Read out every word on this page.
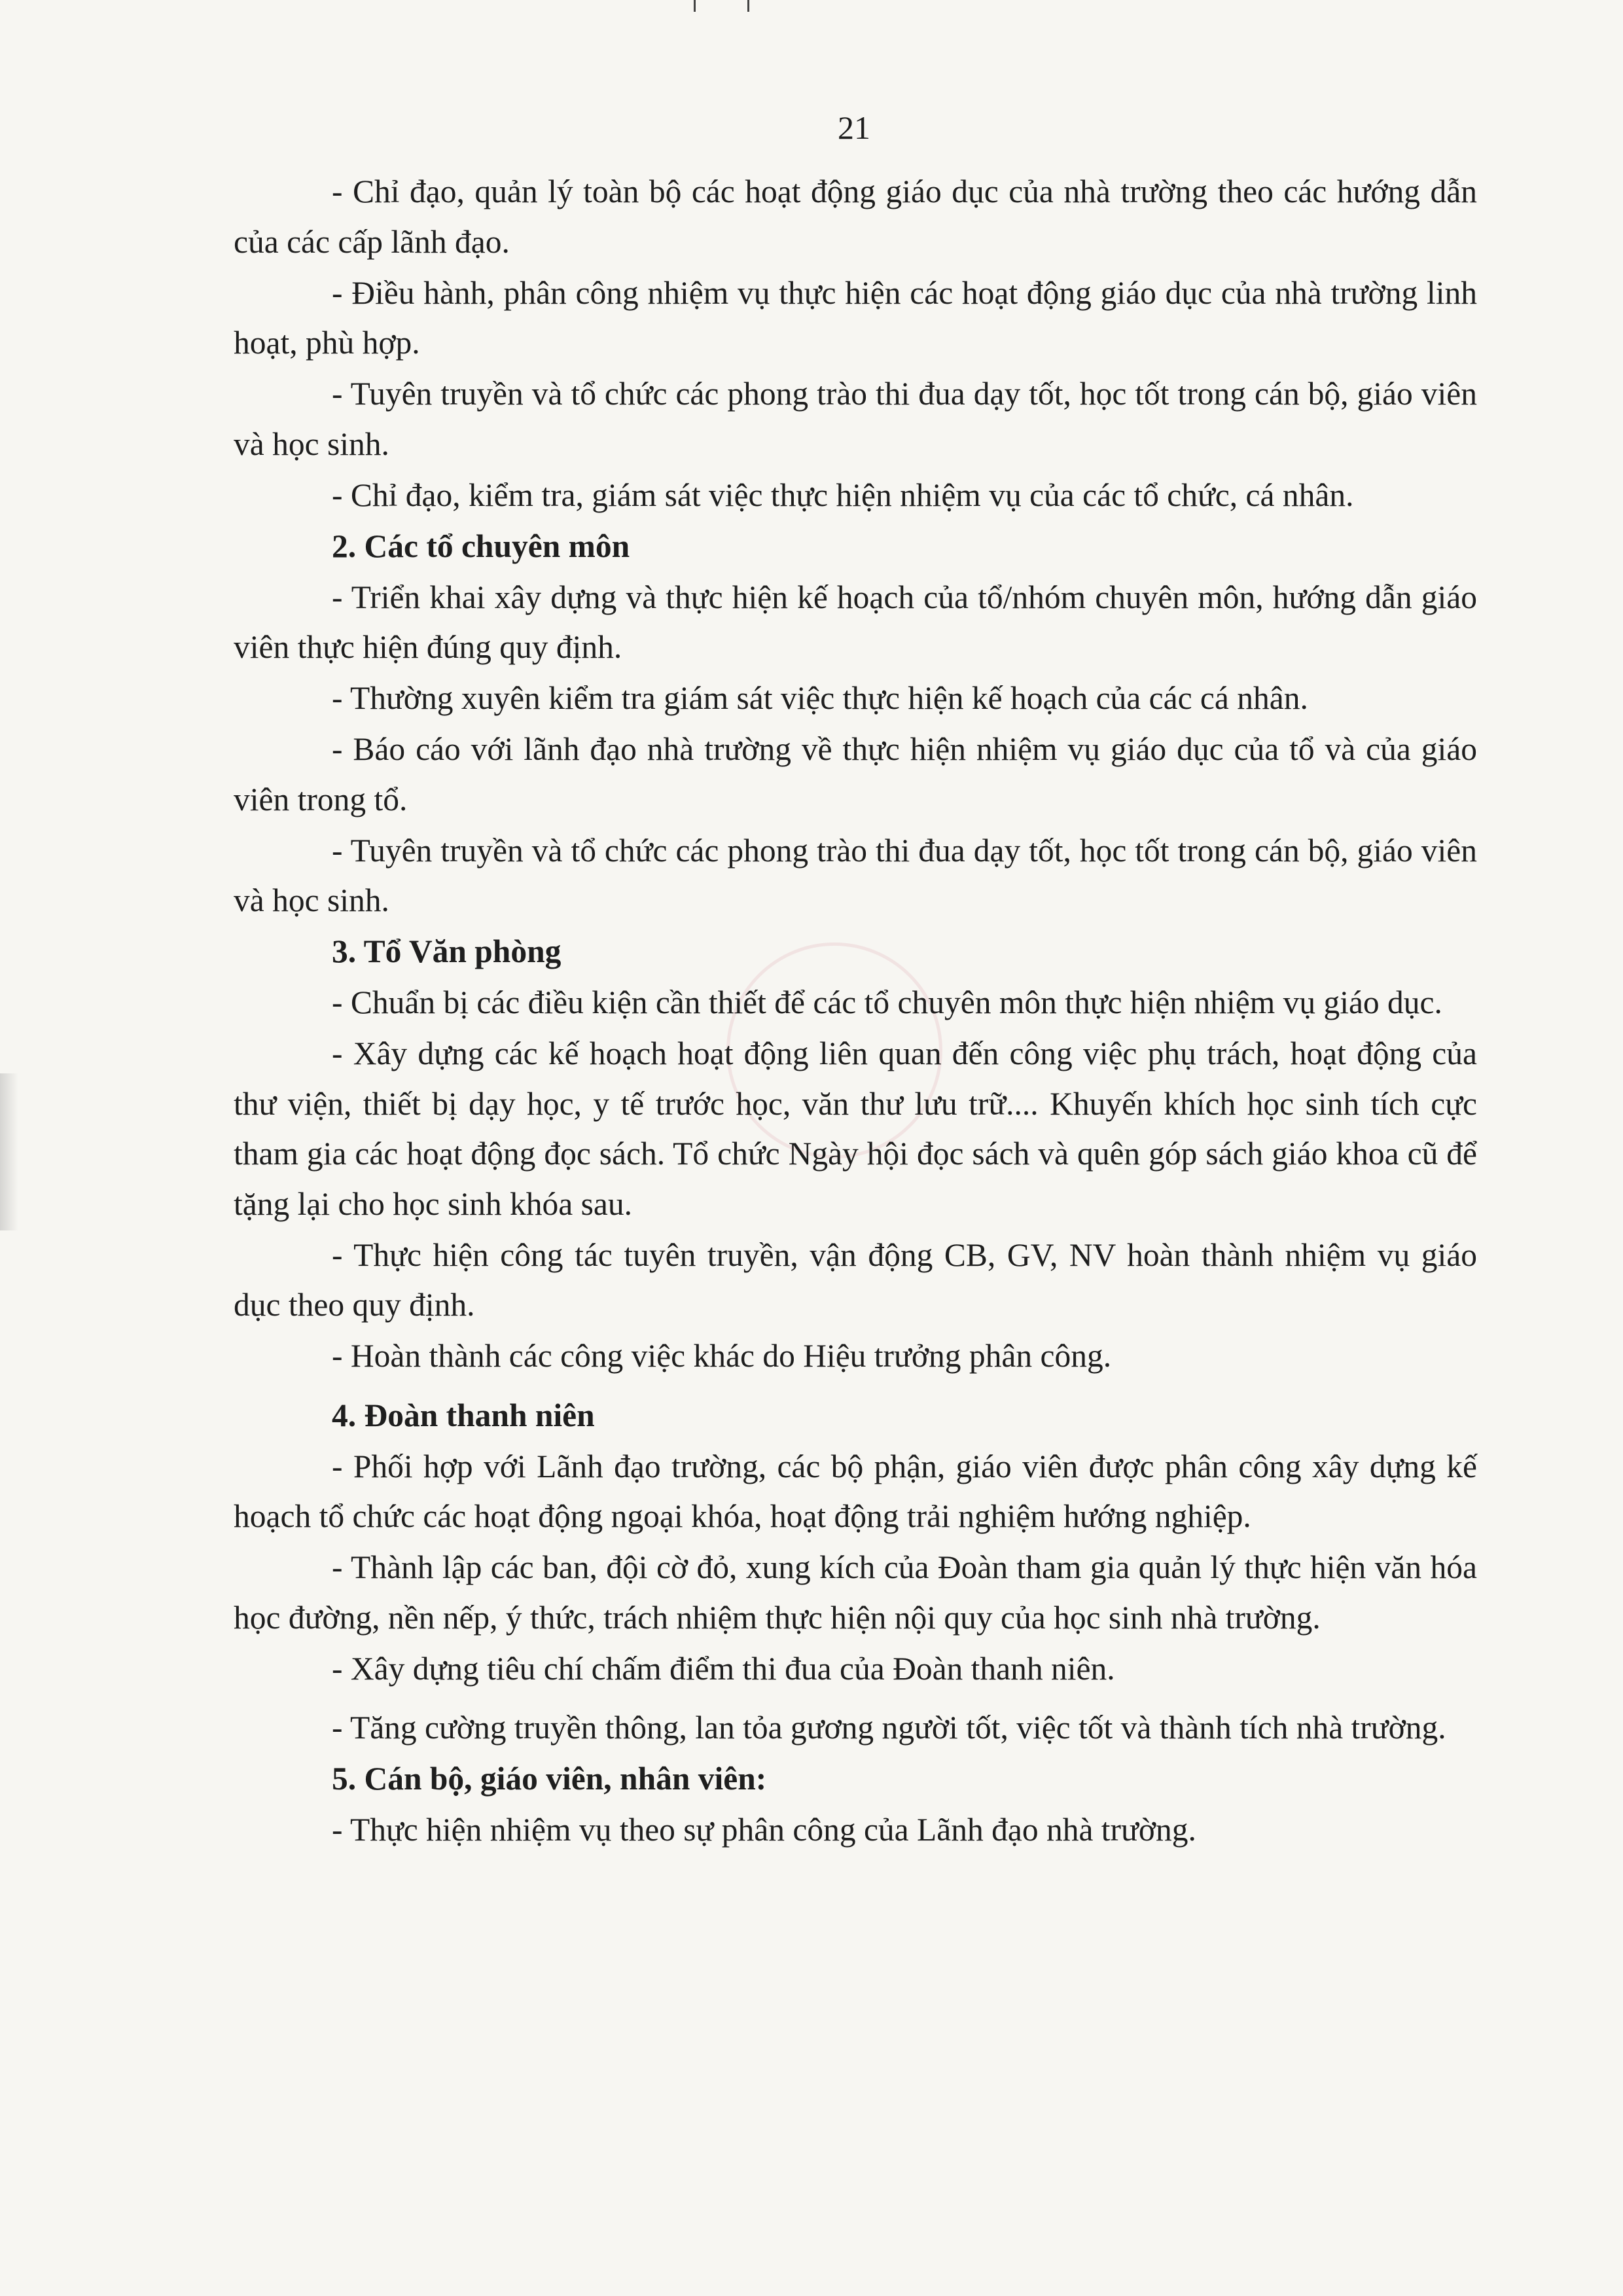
21

- Chỉ đạo, quản lý toàn bộ các hoạt động giáo dục của nhà trường theo các hướng dẫn của các cấp lãnh đạo.

- Điều hành, phân công nhiệm vụ thực hiện các hoạt động giáo dục của nhà trường linh hoạt, phù hợp.

- Tuyên truyền và tổ chức các phong trào thi đua dạy tốt, học tốt trong cán bộ, giáo viên và học sinh.

- Chỉ đạo, kiểm tra, giám sát việc thực hiện nhiệm vụ của các tổ chức, cá nhân.

2. Các tổ chuyên môn

- Triển khai xây dựng và thực hiện kế hoạch của tổ/nhóm chuyên môn, hướng dẫn giáo viên thực hiện đúng quy định.

- Thường xuyên kiểm tra giám sát việc thực hiện kế hoạch của các cá nhân.

- Báo cáo với lãnh đạo nhà trường về thực hiện nhiệm vụ giáo dục của tổ và của giáo viên trong tổ.

- Tuyên truyền và tổ chức các phong trào thi đua dạy tốt, học tốt trong cán bộ, giáo viên và học sinh.

3. Tổ Văn phòng

- Chuẩn bị các điều kiện cần thiết để các tổ chuyên môn thực hiện nhiệm vụ giáo dục.

- Xây dựng các kế hoạch hoạt động liên quan đến công việc phụ trách, hoạt động của thư viện, thiết bị dạy học, y tế trước học, văn thư lưu trữ.... Khuyến khích học sinh tích cực tham gia các hoạt động đọc sách. Tổ chức Ngày hội đọc sách và quên góp sách giáo khoa cũ để tặng lại cho học sinh khóa sau.

- Thực hiện công tác tuyên truyền, vận động CB, GV, NV hoàn thành nhiệm vụ giáo dục theo quy định.

- Hoàn thành các công việc khác do Hiệu trưởng phân công.

4. Đoàn thanh niên

- Phối hợp với Lãnh đạo trường, các bộ phận, giáo viên được phân công xây dựng kế hoạch tổ chức các hoạt động ngoại khóa, hoạt động trải nghiệm hướng nghiệp.

- Thành lập các ban, đội cờ đỏ, xung kích của Đoàn tham gia quản lý thực hiện văn hóa học đường, nền nếp, ý thức, trách nhiệm thực hiện nội quy của học sinh nhà trường.

- Xây dựng tiêu chí chấm điểm thi đua của Đoàn thanh niên.

- Tăng cường truyền thông, lan tỏa gương người tốt, việc tốt và thành tích nhà trường.

5. Cán bộ, giáo viên, nhân viên:

- Thực hiện nhiệm vụ theo sự phân công của Lãnh đạo nhà trường.
